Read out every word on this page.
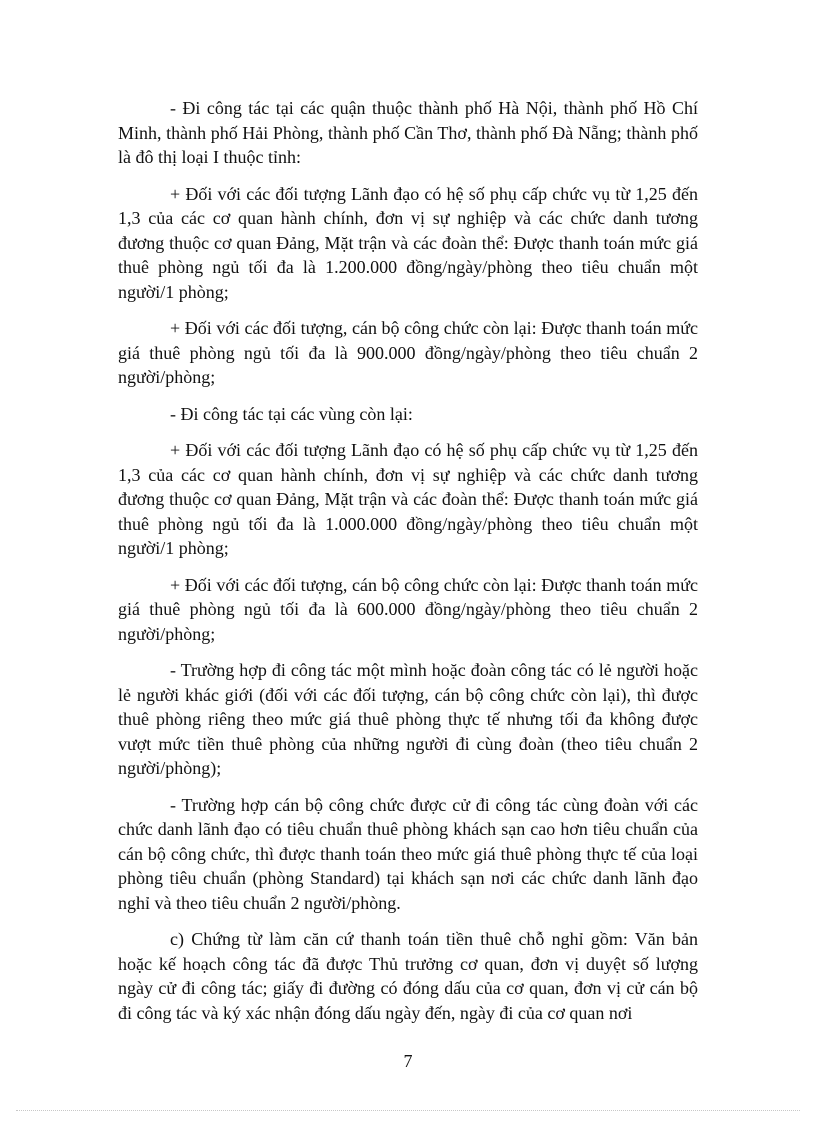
- Đi công tác tại các quận thuộc thành phố Hà Nội, thành phố Hồ Chí Minh, thành phố Hải Phòng, thành phố Cần Thơ, thành phố Đà Nẵng; thành phố là đô thị loại I thuộc tỉnh:

+ Đối với các đối tượng Lãnh đạo có hệ số phụ cấp chức vụ từ 1,25 đến 1,3 của các cơ quan hành chính, đơn vị sự nghiệp và các chức danh tương đương thuộc cơ quan Đảng, Mặt trận và các đoàn thể: Được thanh toán mức giá thuê phòng ngủ tối đa là 1.200.000 đồng/ngày/phòng theo tiêu chuẩn một người/1 phòng;

+ Đối với các đối tượng, cán bộ công chức còn lại: Được thanh toán mức giá thuê phòng ngủ tối đa là 900.000 đồng/ngày/phòng theo tiêu chuẩn 2 người/phòng;

- Đi công tác tại các vùng còn lại:

+ Đối với các đối tượng Lãnh đạo có hệ số phụ cấp chức vụ từ 1,25 đến 1,3 của các cơ quan hành chính, đơn vị sự nghiệp và các chức danh tương đương thuộc cơ quan Đảng, Mặt trận và các đoàn thể: Được thanh toán mức giá thuê phòng ngủ tối đa là 1.000.000 đồng/ngày/phòng theo tiêu chuẩn một người/1 phòng;

+ Đối với các đối tượng, cán bộ công chức còn lại: Được thanh toán mức giá thuê phòng ngủ tối đa là 600.000 đồng/ngày/phòng theo tiêu chuẩn 2 người/phòng;

- Trường hợp đi công tác một mình hoặc đoàn công tác có lẻ người hoặc lẻ người khác giới (đối với các đối tượng, cán bộ công chức còn lại), thì được thuê phòng riêng theo mức giá thuê phòng thực tế nhưng tối đa không được vượt mức tiền thuê phòng của những người đi cùng đoàn (theo tiêu chuẩn 2 người/phòng);

- Trường hợp cán bộ công chức được cử đi công tác cùng đoàn với các chức danh lãnh đạo có tiêu chuẩn thuê phòng khách sạn cao hơn tiêu chuẩn của cán bộ công chức, thì được thanh toán theo mức giá thuê phòng thực tế của loại phòng tiêu chuẩn (phòng Standard) tại khách sạn nơi các chức danh lãnh đạo nghỉ và theo tiêu chuẩn 2 người/phòng.

c) Chứng từ làm căn cứ thanh toán tiền thuê chỗ nghỉ gồm: Văn bản hoặc kế hoạch công tác đã được Thủ trưởng cơ quan, đơn vị duyệt số lượng ngày cử đi công tác; giấy đi đường có đóng dấu của cơ quan, đơn vị cử cán bộ đi công tác và ký xác nhận đóng dấu ngày đến, ngày đi của cơ quan nơi

7
